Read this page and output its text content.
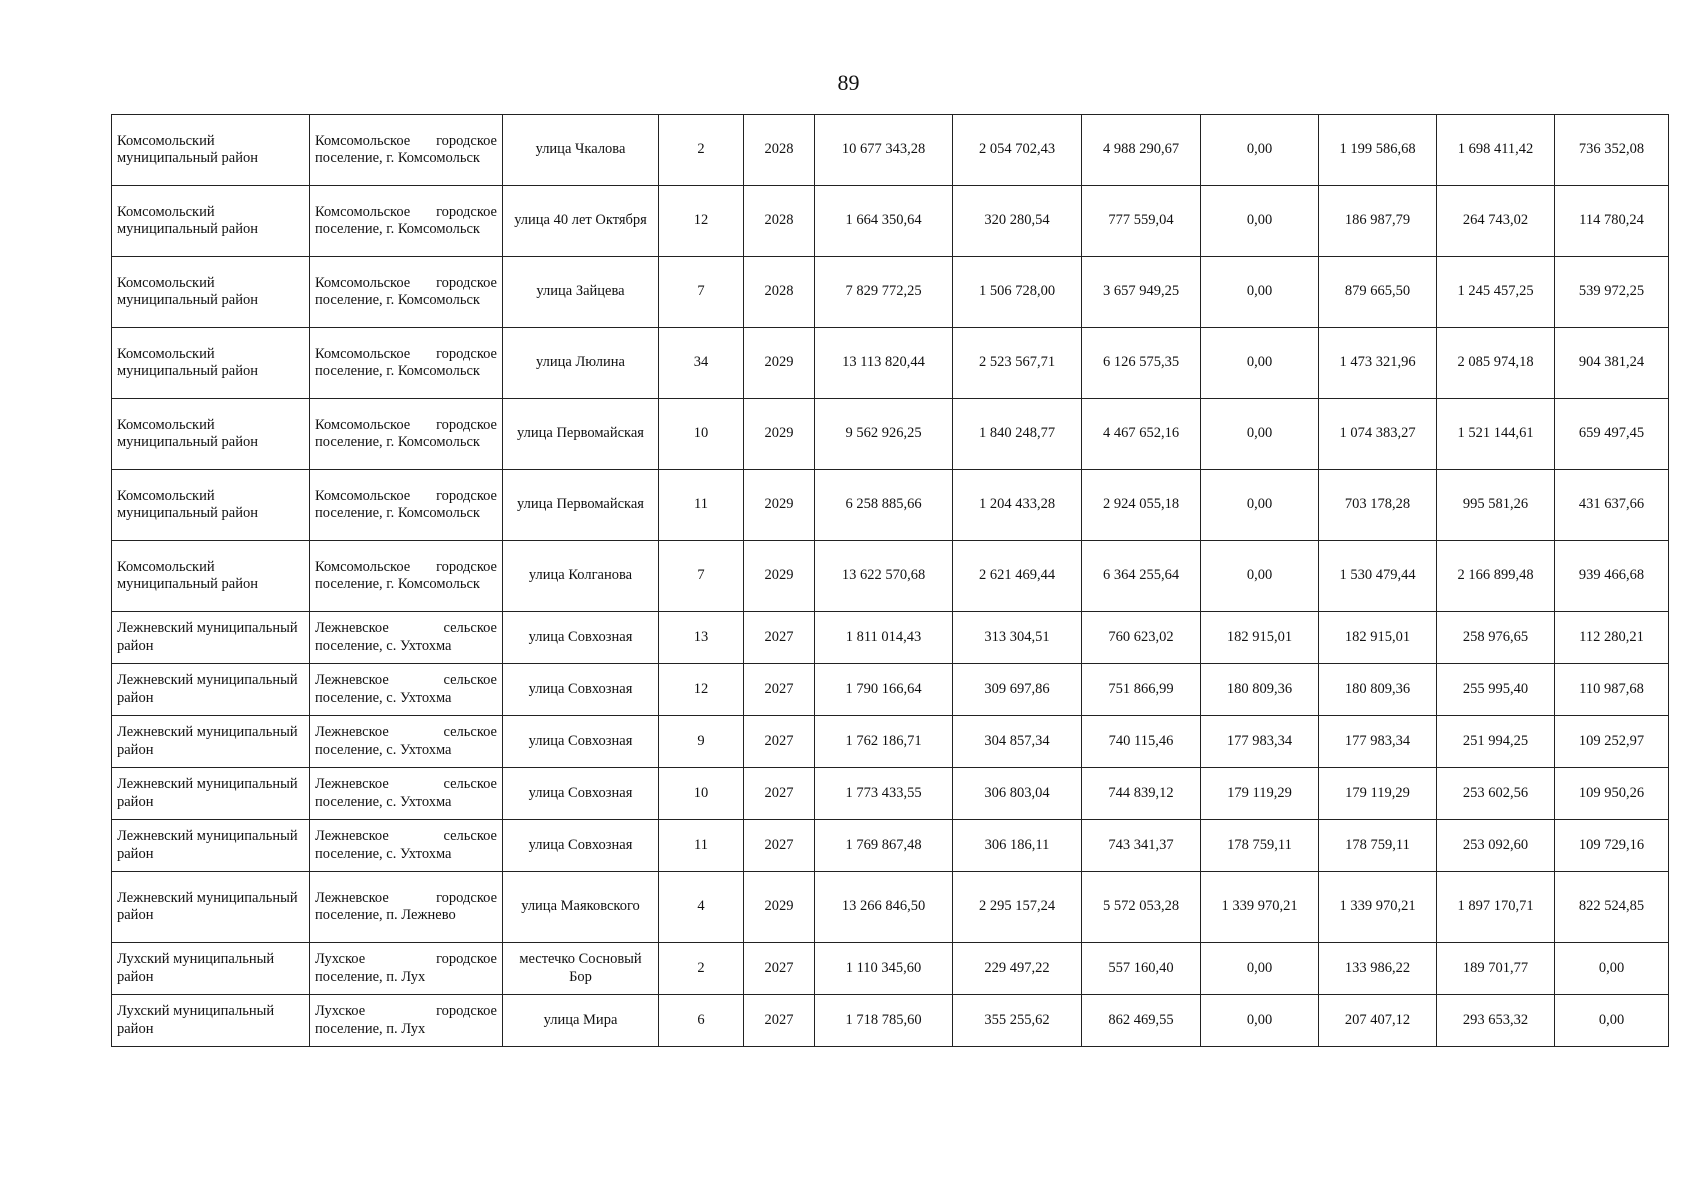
89
Комсомольский муниципальный район	Комсомольское городское поселение, г. Комсомольск	улица Чкалова	2	2028	10 677 343,28	2 054 702,43	4 988 290,67	0,00	1 199 586,68	1 698 411,42	736 352,08
Комсомольский муниципальный район	Комсомольское городское поселение, г. Комсомольск	улица 40 лет Октября	12	2028	1 664 350,64	320 280,54	777 559,04	0,00	186 987,79	264 743,02	114 780,24
Комсомольский муниципальный район	Комсомольское городское поселение, г. Комсомольск	улица Зайцева	7	2028	7 829 772,25	1 506 728,00	3 657 949,25	0,00	879 665,50	1 245 457,25	539 972,25
Комсомольский муниципальный район	Комсомольское городское поселение, г. Комсомольск	улица Люлина	34	2029	13 113 820,44	2 523 567,71	6 126 575,35	0,00	1 473 321,96	2 085 974,18	904 381,24
Комсомольский муниципальный район	Комсомольское городское поселение, г. Комсомольск	улица Первомайская	10	2029	9 562 926,25	1 840 248,77	4 467 652,16	0,00	1 074 383,27	1 521 144,61	659 497,45
Комсомольский муниципальный район	Комсомольское городское поселение, г. Комсомольск	улица Первомайская	11	2029	6 258 885,66	1 204 433,28	2 924 055,18	0,00	703 178,28	995 581,26	431 637,66
Комсомольский муниципальный район	Комсомольское городское поселение, г. Комсомольск	улица Колганова	7	2029	13 622 570,68	2 621 469,44	6 364 255,64	0,00	1 530 479,44	2 166 899,48	939 466,68
Лежневский муниципальный район	Лежневское сельское поселение, с. Ухтохма	улица Совхозная	13	2027	1 811 014,43	313 304,51	760 623,02	182 915,01	182 915,01	258 976,65	112 280,21
Лежневский муниципальный район	Лежневское сельское поселение, с. Ухтохма	улица Совхозная	12	2027	1 790 166,64	309 697,86	751 866,99	180 809,36	180 809,36	255 995,40	110 987,68
Лежневский муниципальный район	Лежневское сельское поселение, с. Ухтохма	улица Совхозная	9	2027	1 762 186,71	304 857,34	740 115,46	177 983,34	177 983,34	251 994,25	109 252,97
Лежневский муниципальный район	Лежневское сельское поселение, с. Ухтохма	улица Совхозная	10	2027	1 773 433,55	306 803,04	744 839,12	179 119,29	179 119,29	253 602,56	109 950,26
Лежневский муниципальный район	Лежневское сельское поселение, с. Ухтохма	улица Совхозная	11	2027	1 769 867,48	306 186,11	743 341,37	178 759,11	178 759,11	253 092,60	109 729,16
Лежневский муниципальный район	Лежневское городское поселение, п. Лежнево	улица Маяковского	4	2029	13 266 846,50	2 295 157,24	5 572 053,28	1 339 970,21	1 339 970,21	1 897 170,71	822 524,85
Лухский муниципальный район	Лухское городское поселение, п. Лух	местечко Сосновый Бор	2	2027	1 110 345,60	229 497,22	557 160,40	0,00	133 986,22	189 701,77	0,00
Лухский муниципальный район	Лухское городское поселение, п. Лух	улица Мира	6	2027	1 718 785,60	355 255,62	862 469,55	0,00	207 407,12	293 653,32	0,00
